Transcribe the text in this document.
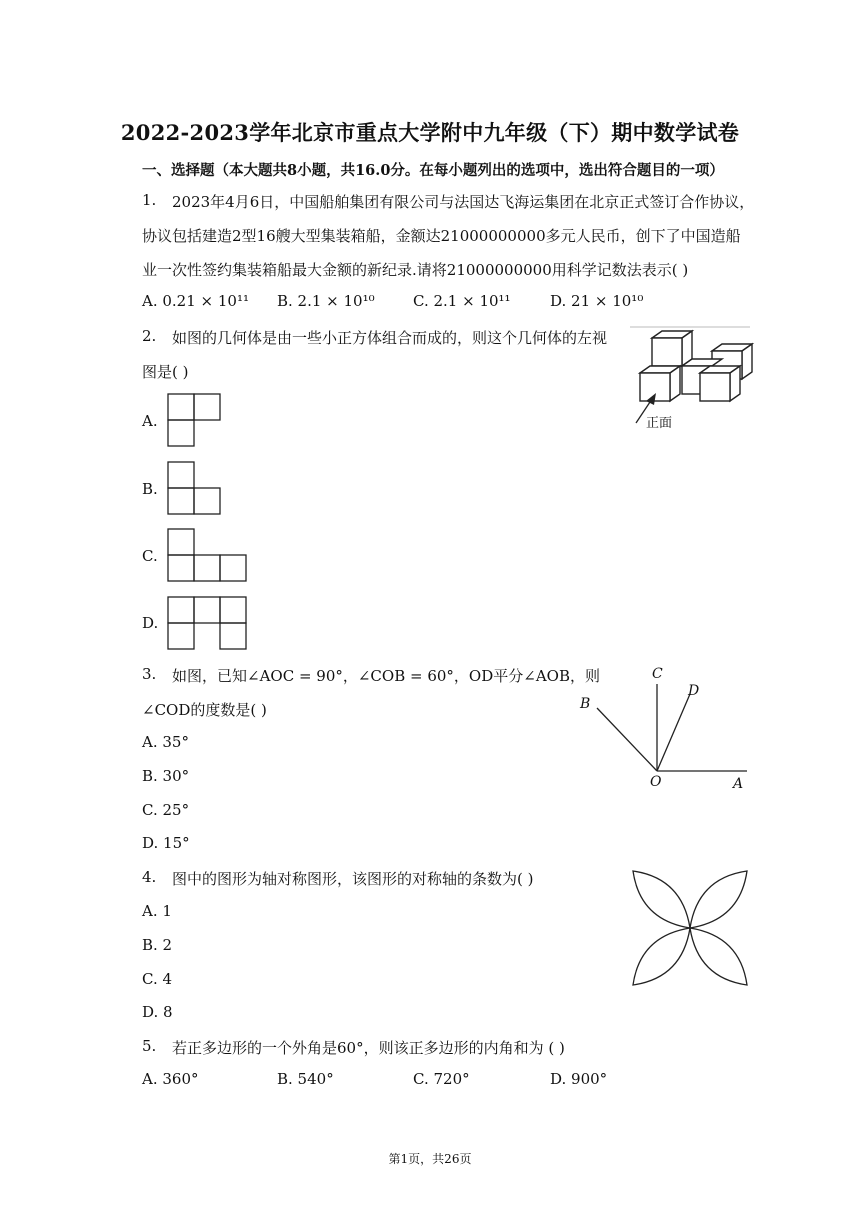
2022-2023学年北京市重点大学附中九年级（下）期中数学试卷
一、选择题（本大题共8小题，共16.0分。在每小题列出的选项中，选出符合题目的一项）
1. 2023年4月6日，中国船舶集团有限公司与法国达飞海运集团在北京正式签订合作协议，
协议包括建造2型16艘大型集装箱船，金额达21000000000多元人民币，创下了中国造船
业一次性签约集装箱船最大金额的新纪录.请将21000000000用科学记数法表示( )
A. 0.21 × 10¹¹ B. 2.1 × 10¹⁰	C. 2.1 × 10¹¹	D. 21 × 10¹⁰
2. 如图的几何体是由一些小正方体组合而成的，则这个几何体的左视
图是( )
A.
B.
C.
D.
正面
3. 如图，已知∠AOC = 90°，∠COB = 60°，OD平分∠AOB，则
∠COD的度数是( )
A. 35°
B. 30°
C. 25°
D. 15°
B
C
D
O	A
4. 图中的图形为轴对称图形，该图形的对称轴的条数为( )
A. 1
B. 2
C. 4
D. 8
5. 若正多边形的一个外角是60°，则该正多边形的内角和为 ( )
A. 360°	B. 540°	C. 720°	D. 900°
第1页，共26页
